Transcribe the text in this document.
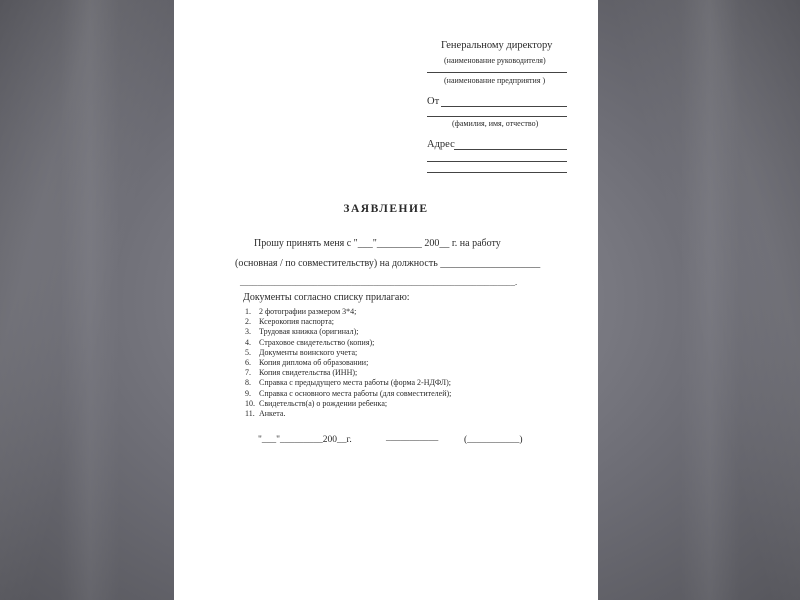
Генеральному директору
(наименование руководителя)
(наименование предприятия )
От
(фамилия, имя, отчество)
Адрес
ЗАЯВЛЕНИЕ
Прошу принять меня с "___"_________ 200__ г. на работу
(основная / по совместительству) на должность ____________________
________________________________________________________________.
Документы согласно списку прилагаю:
1. 2 фотографии размером 3*4;
2. Ксерокопия паспорта;
3. Трудовая книжка (оригинал);
4. Страховое свидетельство (копия);
5. Документы воинского учета;
6. Копия диплома об образовании;
7. Копия свидетельства (ИНН);
8. Справка с предыдущего места работы (форма 2-НДФЛ);
9. Справка с основного места работы (для совместителей);
10. Свидетельств(а) о рождении ребенка;
11. Анкета.
"___"_________200__г.	___________	(___________)
